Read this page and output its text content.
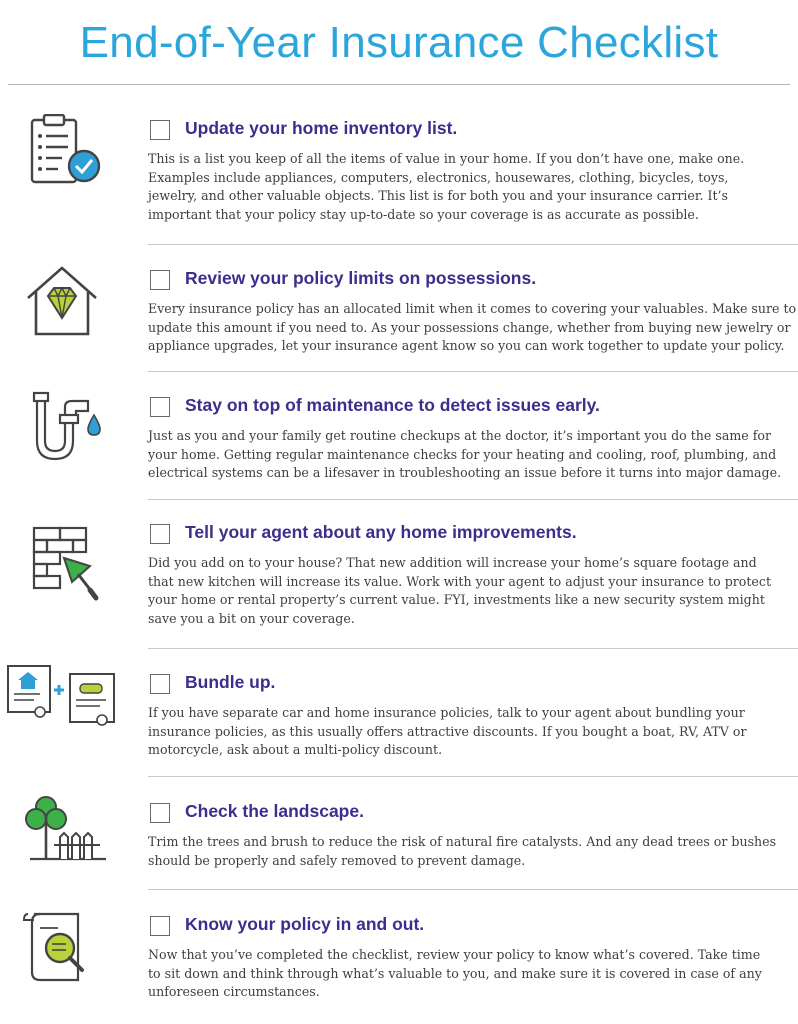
End-of-Year Insurance Checklist
Update your home inventory list.
This is a list you keep of all the items of value in your home. If you don’t have one, make one.
Examples include appliances, computers, electronics, housewares, clothing, bicycles, toys,
jewelry, and other valuable objects. This list is for both you and your insurance carrier. It’s
important that your policy stay up-to-date so your coverage is as accurate as possible.
Review your policy limits on possessions.
Every insurance policy has an allocated limit when it comes to covering your valuables. Make sure to
update this amount if you need to. As your possessions change, whether from buying new jewelry or
appliance upgrades, let your insurance agent know so you can work together to update your policy.
Stay on top of maintenance to detect issues early.
Just as you and your family get routine checkups at the doctor, it’s important you do the same for
your home. Getting regular maintenance checks for your heating and cooling, roof, plumbing, and
electrical systems can be a lifesaver in troubleshooting an issue before it turns into major damage.
Tell your agent about any home improvements.
Did you add on to your house? That new addition will increase your home’s square footage and
that new kitchen will increase its value. Work with your agent to adjust your insurance to protect
your home or rental property’s current value. FYI, investments like a new security system might
save you a bit on your coverage.
Bundle up.
If you have separate car and home insurance policies, talk to your agent about bundling your
insurance policies, as this usually offers attractive discounts. If you bought a boat, RV, ATV or
motorcycle, ask about a multi-policy discount.
Check the landscape.
Trim the trees and brush to reduce the risk of natural fire catalysts. And any dead trees or bushes
should be properly and safely removed to prevent damage.
Know your policy in and out.
Now that you’ve completed the checklist, review your policy to know what’s covered. Take time
to sit down and think through what’s valuable to you, and make sure it is covered in case of any
unforeseen circumstances.
